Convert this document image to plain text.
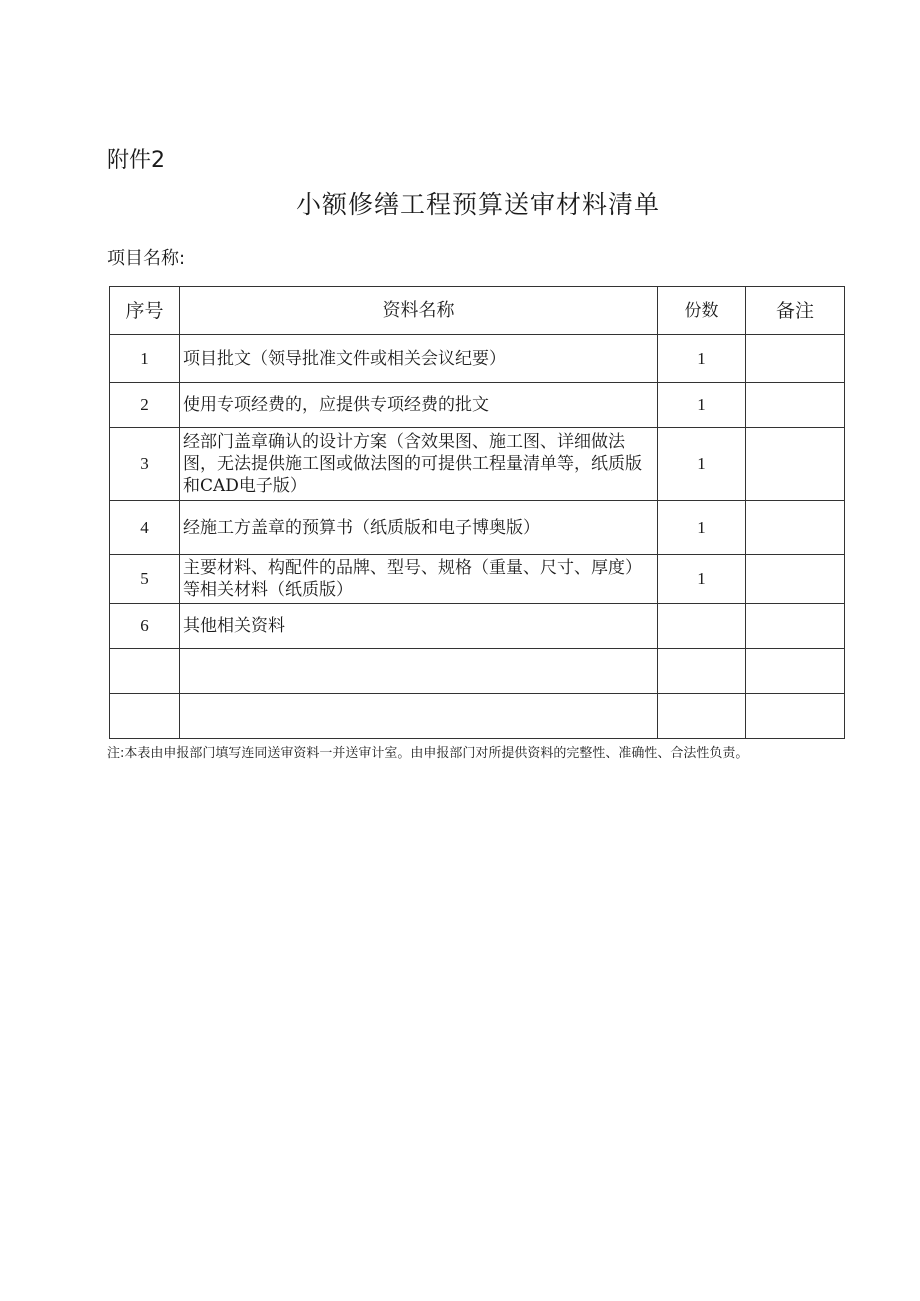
附件2
小额修缮工程预算送审材料清单
项目名称:
序号	资料名称	份数	备注
1	项目批文（领导批准文件或相关会议纪要）	1	
2	使用专项经费的，应提供专项经费的批文	1	
3	经部门盖章确认的设计方案（含效果图、施工图、详细做法图，无法提供施工图或做法图的可提供工程量清单等，纸质版和CAD电子版）	1	
4	经施工方盖章的预算书（纸质版和电子博奥版）	1	
5	主要材料、构配件的品牌、型号、规格（重量、尺寸、厚度）等相关材料（纸质版）	1	
6	其他相关资料		

注:本表由申报部门填写连同送审资料一并送审计室。由申报部门对所提供资料的完整性、准确性、合法性负责。
